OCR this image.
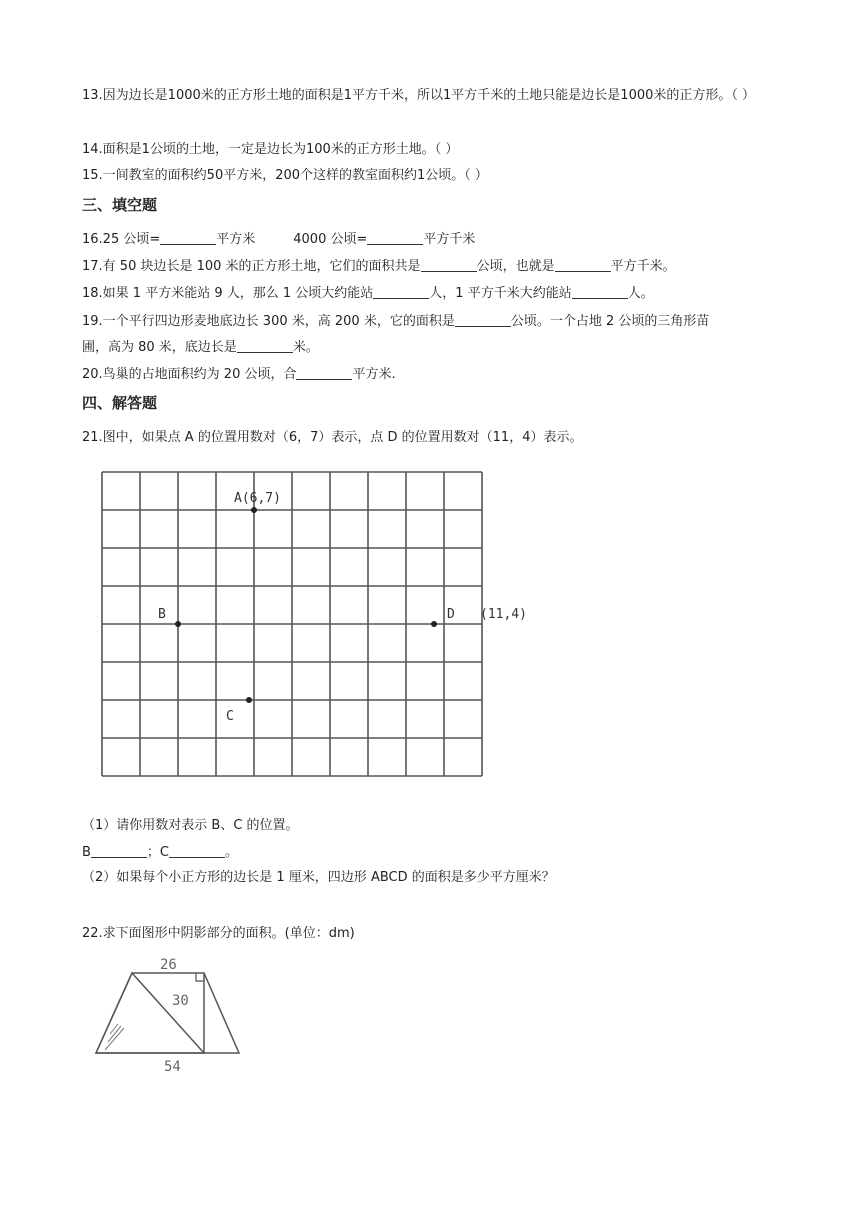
13.因为边长是1000米的正方形土地的面积是1平方千米，所以1平方千米的土地只能是边长是1000米的正方形。（ ）
14.面积是1公顷的土地，一定是边长为100米的正方形土地。（ ）
15.一间教室的面积约50平方米，200个这样的教室面积约1公顷。（ ）
三、填空题
16.25 公顷=	平方米	4000 公顷=	平方千米
17.有 50 块边长是 100 米的正方形土地，它们的面积共是	公顷，也就是	平方千米。
18.如果 1 平方米能站 9 人，那么 1 公顷大约能站	人，1 平方千米大约能站	人。
19.一个平行四边形麦地底边长 300 米，高 200 米，它的面积是	公顷。一个占地 2 公顷的三角形苗
圃，高为 80 米，底边长是	米。
20.鸟巢的占地面积约为 20 公顷，合	平方米.
四、解答题
21.图中，如果点 A 的位置用数对（6，7）表示，点 D 的位置用数对（11，4）表示。
A(6,7)
B
C
D (11,4)
（1）请你用数对表示 B、C 的位置。
B	；C	。
（2）如果每个小正方形的边长是 1 厘米，四边形 ABCD 的面积是多少平方厘米？
22.求下面图形中阴影部分的面积。(单位：dm)
26
30
54
